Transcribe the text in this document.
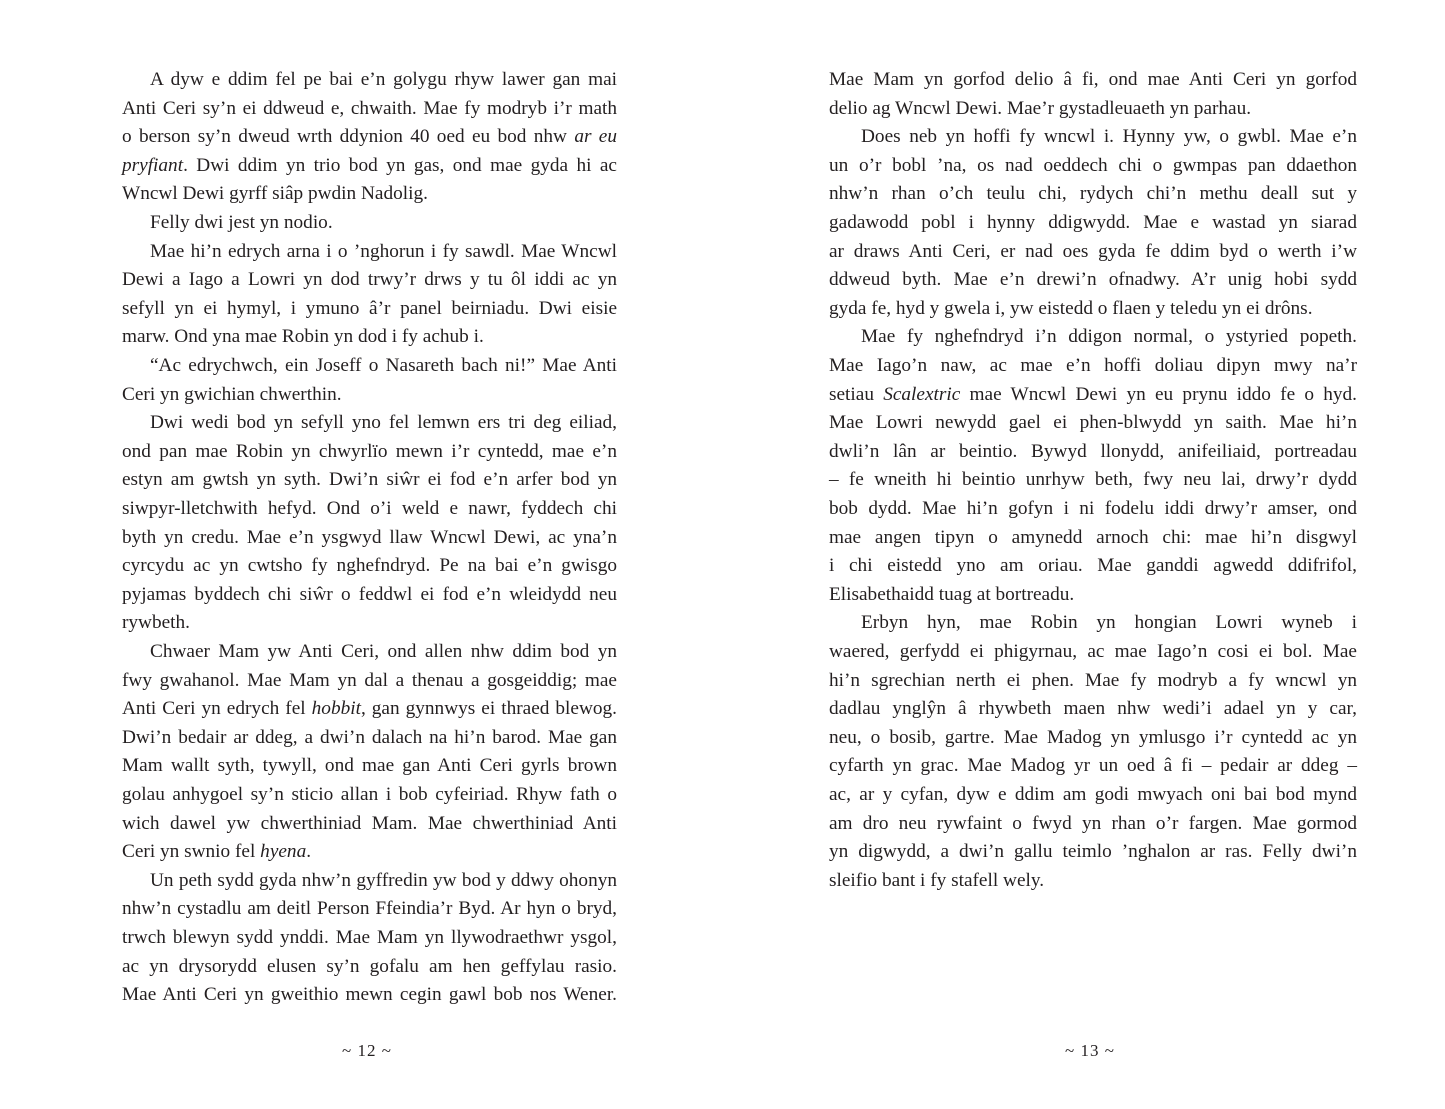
A dyw e ddim fel pe bai e’n golygu rhyw lawer gan mai
Anti Ceri sy’n ei ddweud e, chwaith. Mae fy modryb i’r math
o berson sy’n dweud wrth ddynion 40 oed eu bod nhw ar eu
pryfiant. Dwi ddim yn trio bod yn gas, ond mae gyda hi ac
Wncwl Dewi gyrff siâp pwdin Nadolig.
Felly dwi jest yn nodio.
Mae hi’n edrych arna i o ’nghorun i fy sawdl. Mae Wncwl
Dewi a Iago a Lowri yn dod trwy’r drws y tu ôl iddi ac yn
sefyll yn ei hymyl, i ymuno â’r panel beirniadu. Dwi eisie
marw. Ond yna mae Robin yn dod i fy achub i.
“Ac edrychwch, ein Joseff o Nasareth bach ni!” Mae Anti
Ceri yn gwichian chwerthin.
Dwi wedi bod yn sefyll yno fel lemwn ers tri deg eiliad,
ond pan mae Robin yn chwyrlïo mewn i’r cyntedd, mae e’n
estyn am gwtsh yn syth. Dwi’n siŵr ei fod e’n arfer bod yn
siwpyr-lletchwith hefyd. Ond o’i weld e nawr, fyddech chi
byth yn credu. Mae e’n ysgwyd llaw Wncwl Dewi, ac yna’n
cyrcydu ac yn cwtsho fy nghefndryd. Pe na bai e’n gwisgo
pyjamas byddech chi siŵr o feddwl ei fod e’n wleidydd neu
rywbeth.
Chwaer Mam yw Anti Ceri, ond allen nhw ddim bod yn
fwy gwahanol. Mae Mam yn dal a thenau a gosgeiddig; mae
Anti Ceri yn edrych fel hobbit, gan gynnwys ei thraed blewog.
Dwi’n bedair ar ddeg, a dwi’n dalach na hi’n barod. Mae gan
Mam wallt syth, tywyll, ond mae gan Anti Ceri gyrls brown
golau anhygoel sy’n sticio allan i bob cyfeiriad. Rhyw fath o
wich dawel yw chwerthiniad Mam. Mae chwerthiniad Anti
Ceri yn swnio fel hyena.
Un peth sydd gyda nhw’n gyffredin yw bod y ddwy ohonyn
nhw’n cystadlu am deitl Person Ffeindia’r Byd. Ar hyn o bryd,
trwch blewyn sydd ynddi. Mae Mam yn llywodraethwr ysgol,
ac yn drysorydd elusen sy’n gofalu am hen geffylau rasio.
Mae Anti Ceri yn gweithio mewn cegin gawl bob nos Wener.
~ 12 ~
Mae Mam yn gorfod delio â fi, ond mae Anti Ceri yn gorfod
delio ag Wncwl Dewi. Mae’r gystadleuaeth yn parhau.
Does neb yn hoffi fy wncwl i. Hynny yw, o gwbl. Mae e’n
un o’r bobl ’na, os nad oeddech chi o gwmpas pan ddaethon
nhw’n rhan o’ch teulu chi, rydych chi’n methu deall sut y
gadawodd pobl i hynny ddigwydd. Mae e wastad yn siarad
ar draws Anti Ceri, er nad oes gyda fe ddim byd o werth i’w
ddweud byth. Mae e’n drewi’n ofnadwy. A’r unig hobi sydd
gyda fe, hyd y gwela i, yw eistedd o flaen y teledu yn ei drôns.
Mae fy nghefndryd i’n ddigon normal, o ystyried popeth.
Mae Iago’n naw, ac mae e’n hoffi doliau dipyn mwy na’r
setiau Scalextric mae Wncwl Dewi yn eu prynu iddo fe o hyd.
Mae Lowri newydd gael ei phen-blwydd yn saith. Mae hi’n
dwli’n lân ar beintio. Bywyd llonydd, anifeiliaid, portreadau
– fe wneith hi beintio unrhyw beth, fwy neu lai, drwy’r dydd
bob dydd. Mae hi’n gofyn i ni fodelu iddi drwy’r amser, ond
mae angen tipyn o amynedd arnoch chi: mae hi’n disgwyl
i chi eistedd yno am oriau. Mae ganddi agwedd ddifrifol,
Elisabethaidd tuag at bortreadu.
Erbyn hyn, mae Robin yn hongian Lowri wyneb i
waered, gerfydd ei phigyrnau, ac mae Iago’n cosi ei bol. Mae
hi’n sgrechian nerth ei phen. Mae fy modryb a fy wncwl yn
dadlau ynglŷn â rhywbeth maen nhw wedi’i adael yn y car,
neu, o bosib, gartre. Mae Madog yn ymlusgo i’r cyntedd ac yn
cyfarth yn grac. Mae Madog yr un oed â fi – pedair ar ddeg –
ac, ar y cyfan, dyw e ddim am godi mwyach oni bai bod mynd
am dro neu rywfaint o fwyd yn rhan o’r fargen. Mae gormod
yn digwydd, a dwi’n gallu teimlo ’nghalon ar ras. Felly dwi’n
sleifio bant i fy stafell wely.
~ 13 ~
